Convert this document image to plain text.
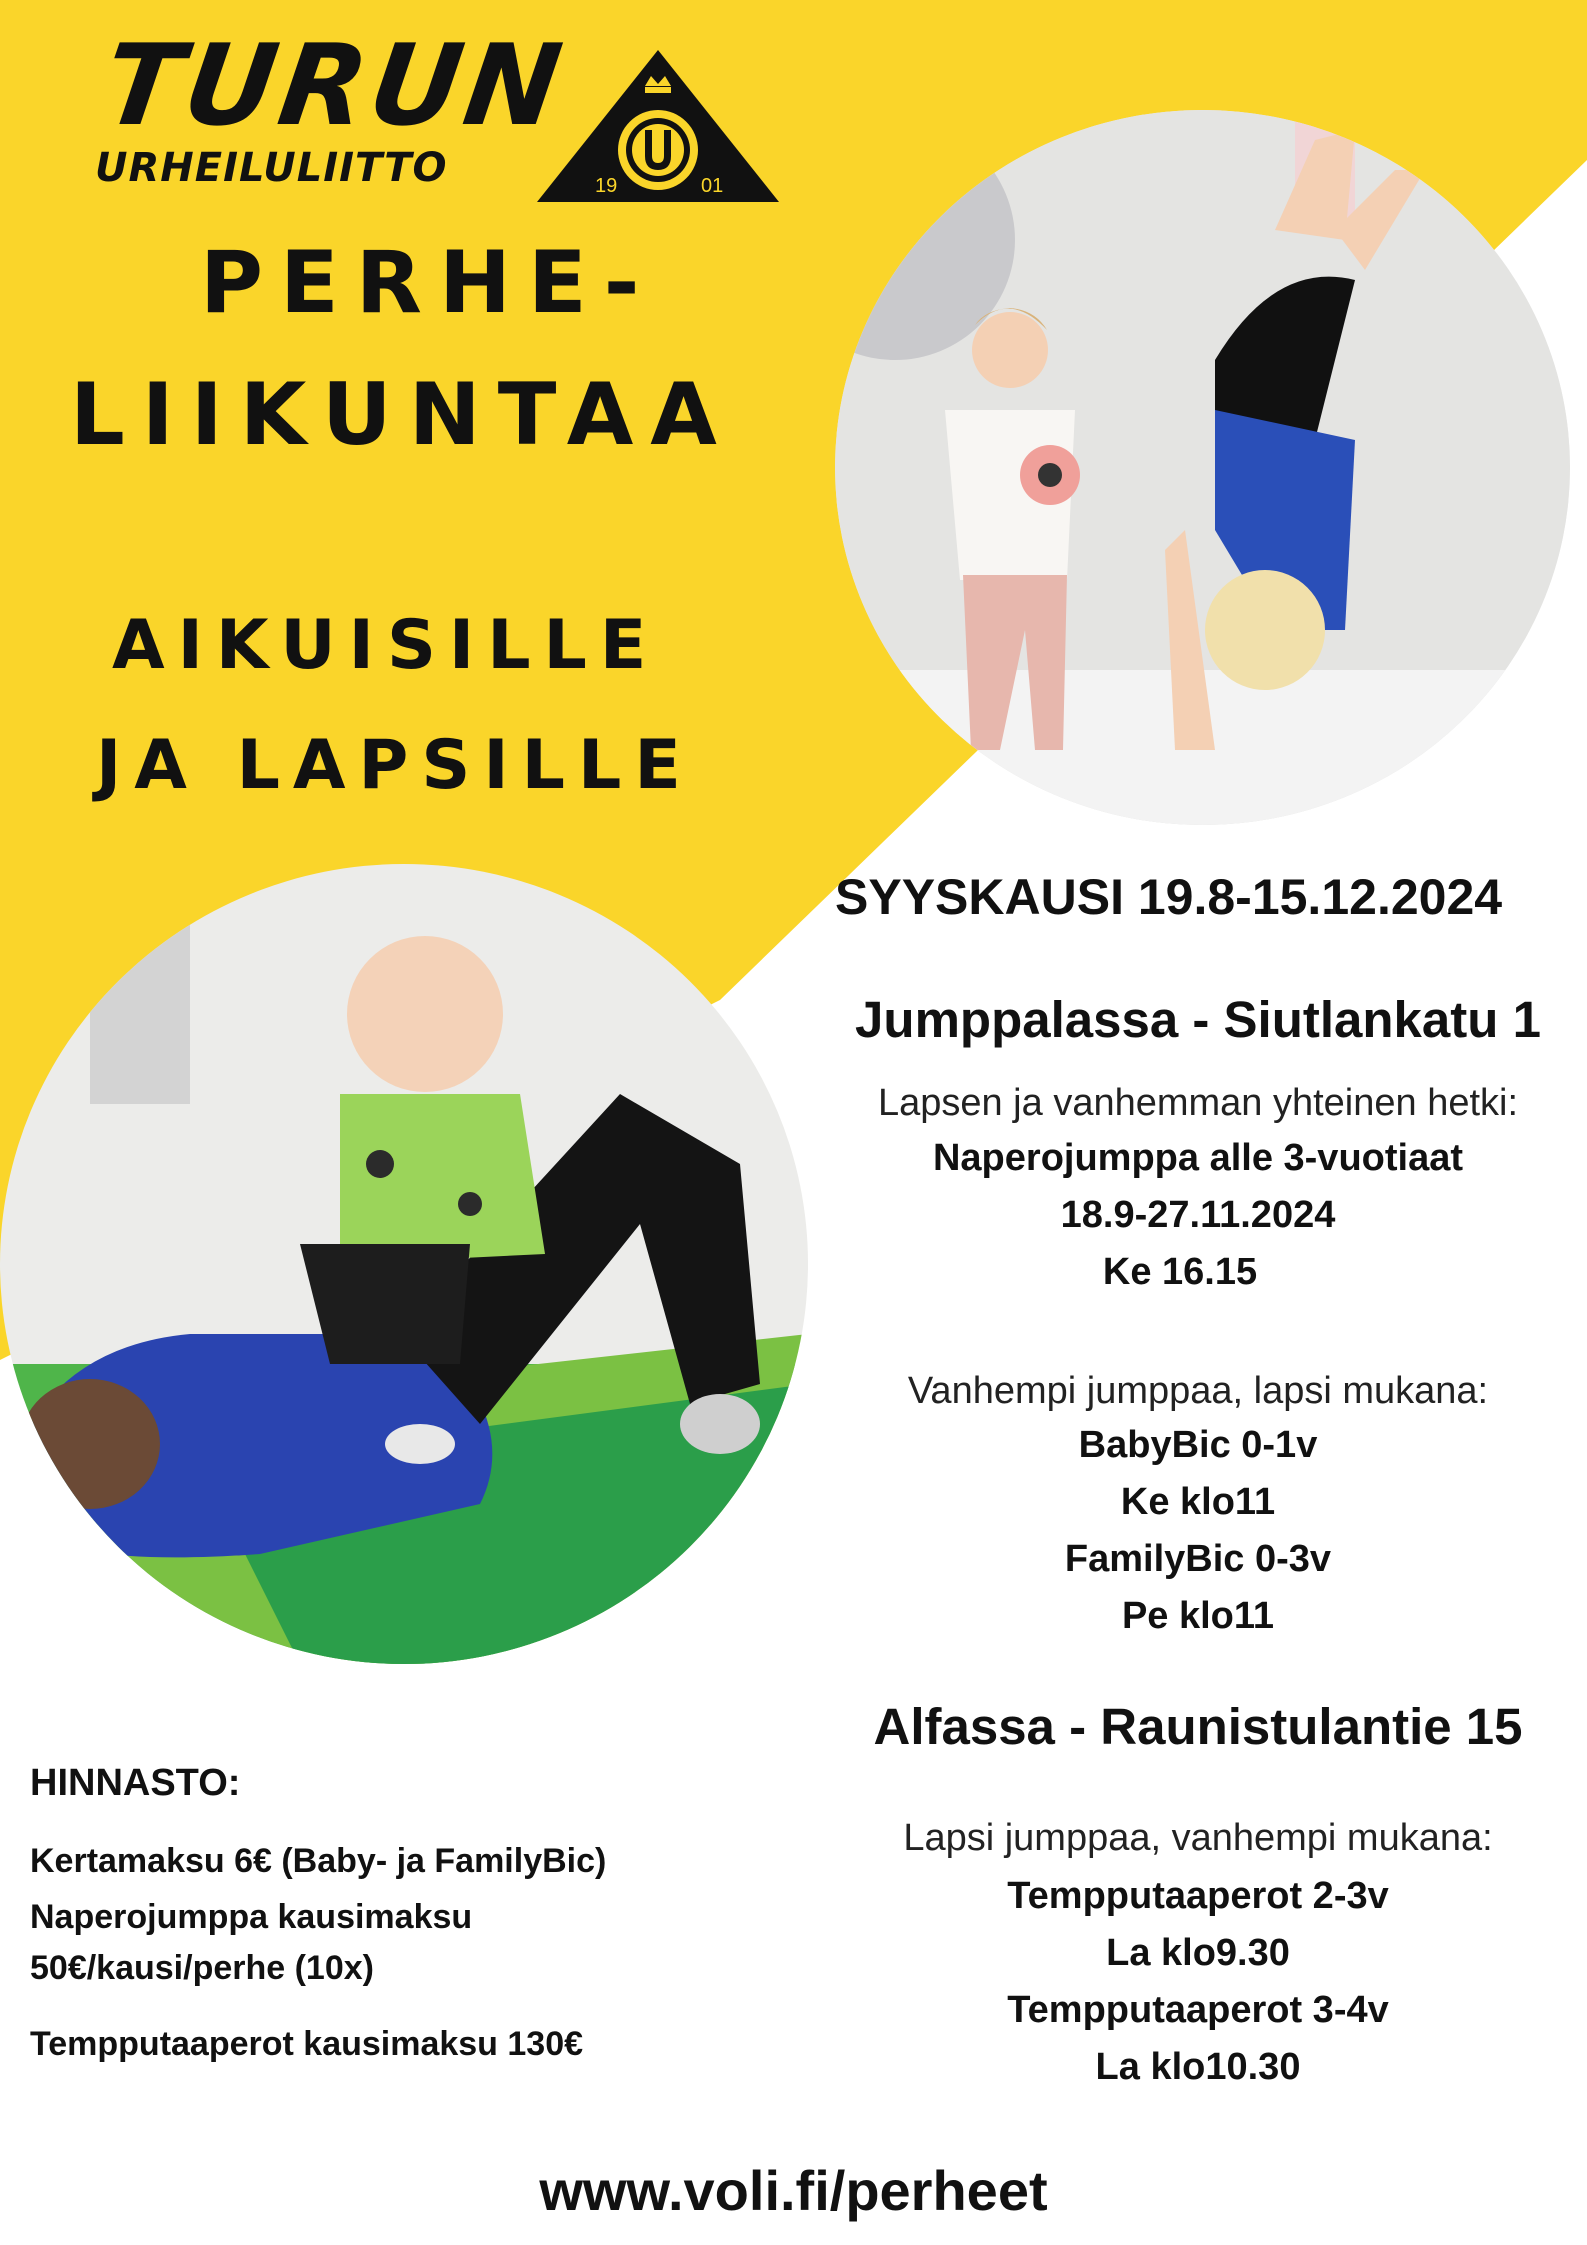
TURUN
URHEILULIITTO	19	01
PERHE-
LIIKUNTAA
AIKUISILLE
JA LAPSILLE
SYYSKAUSI 19.8-15.12.2024
Jumppalassa - Siutlankatu 1
Lapsen ja vanhemman yhteinen hetki:
Naperojumppa alle 3-vuotiaat
18.9-27.11.2024
Ke 16.15
Vanhempi jumppaa, lapsi mukana:
BabyBic 0-1v
Ke klo11
FamilyBic 0-3v
Pe klo11
Alfassa - Raunistulantie 15
Lapsi jumppaa, vanhempi mukana:
Tempputaaperot 2-3v
La klo9.30
Tempputaaperot 3-4v
La klo10.30
HINNASTO:
Kertamaksu 6€ (Baby- ja FamilyBic)
Naperojumppa kausimaksu
50€/kausi/perhe (10x)
Tempputaaperot kausimaksu 130€
www.voli.fi/perheet
